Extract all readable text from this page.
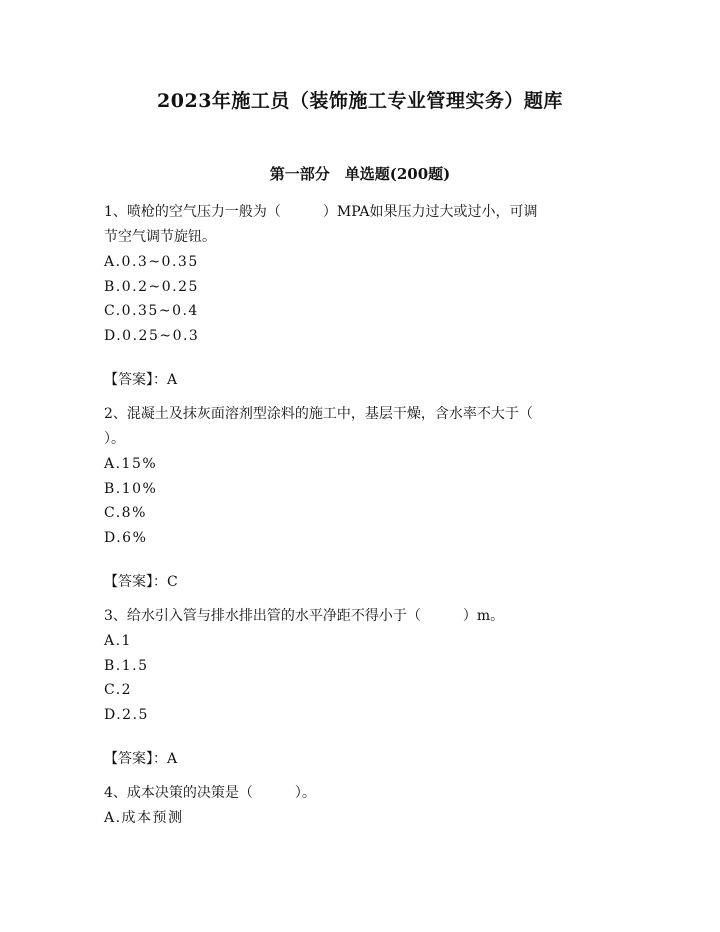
2023年施工员（装饰施工专业管理实务）题库
第一部分　单选题(200题)

1、喷枪的空气压力一般为（　　　）MPA如果压力过大或过小，可调

节空气调节旋钮。

A.0.3~0.35

B.0.2~0.25

C.0.35~0.4

D.0.25~0.3

【答案】：A

2、混凝土及抹灰面溶剂型涂料的施工中，基层干燥，含水率不大于（

）。

A.15%

B.10%

C.8%

D.6%

【答案】：C

3、给水引入管与排水排出管的水平净距不得小于（　　　）m。

A.1

B.1.5

C.2

D.2.5

【答案】：A

4、成本决策的决策是（　　　）。

A.成本预测
